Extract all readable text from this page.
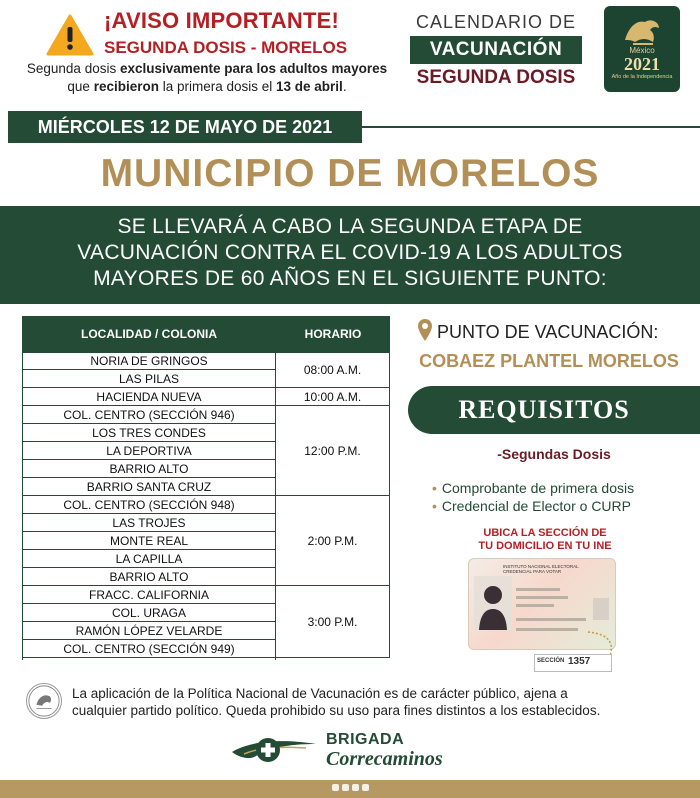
¡AVISO IMPORTANTE!
SEGUNDA DOSIS - MORELOS
Segunda dosis exclusivamente para los adultos mayores
que recibieron la primera dosis el 13 de abril.
CALENDARIO DE
VACUNACIÓN
SEGUNDA DOSIS
México
2021
Año de la Independencia
MIÉRCOLES 12 DE MAYO DE 2021
MUNICIPIO DE MORELOS
SE LLEVARÁ A CABO LA SEGUNDA ETAPA DE
VACUNACIÓN CONTRA EL COVID-19 A LOS ADULTOS
MAYORES DE 60 AÑOS EN EL SIGUIENTE PUNTO:
LOCALIDAD / COLONIA	HORARIO
NORIA DE GRINGOS
LAS PILAS
HACIENDA NUEVA
COL. CENTRO (SECCIÓN 946)
LOS TRES CONDES
LA DEPORTIVA
BARRIO ALTO
BARRIO SANTA CRUZ
COL. CENTRO (SECCIÓN 948)
LAS TROJES
MONTE REAL
LA CAPILLA
BARRIO ALTO
FRACC. CALIFORNIA
COL. URAGA
RAMÓN LÓPEZ VELARDE
COL. CENTRO (SECCIÓN 949)
08:00 A.M.
10:00 A.M.
12:00 P.M.
2:00 P.M.
3:00 P.M.
PUNTO DE VACUNACIÓN:
COBAEZ PLANTEL MORELOS
REQUISITOS
-Segundas Dosis
• Comprobante de primera dosis
• Credencial de Elector o CURP
UBICA LA SECCIÓN DE
TU DOMICILIO EN TU INE
INSTITUTO NACIONAL ELECTORAL
CREDENCIAL PARA VOTAR
SECCIÓN 1357
La aplicación de la Política Nacional de Vacunación es de carácter público, ajena a
cualquier partido político. Queda prohibido su uso para fines distintos a los establecidos.
BRIGADA
Correcaminos
